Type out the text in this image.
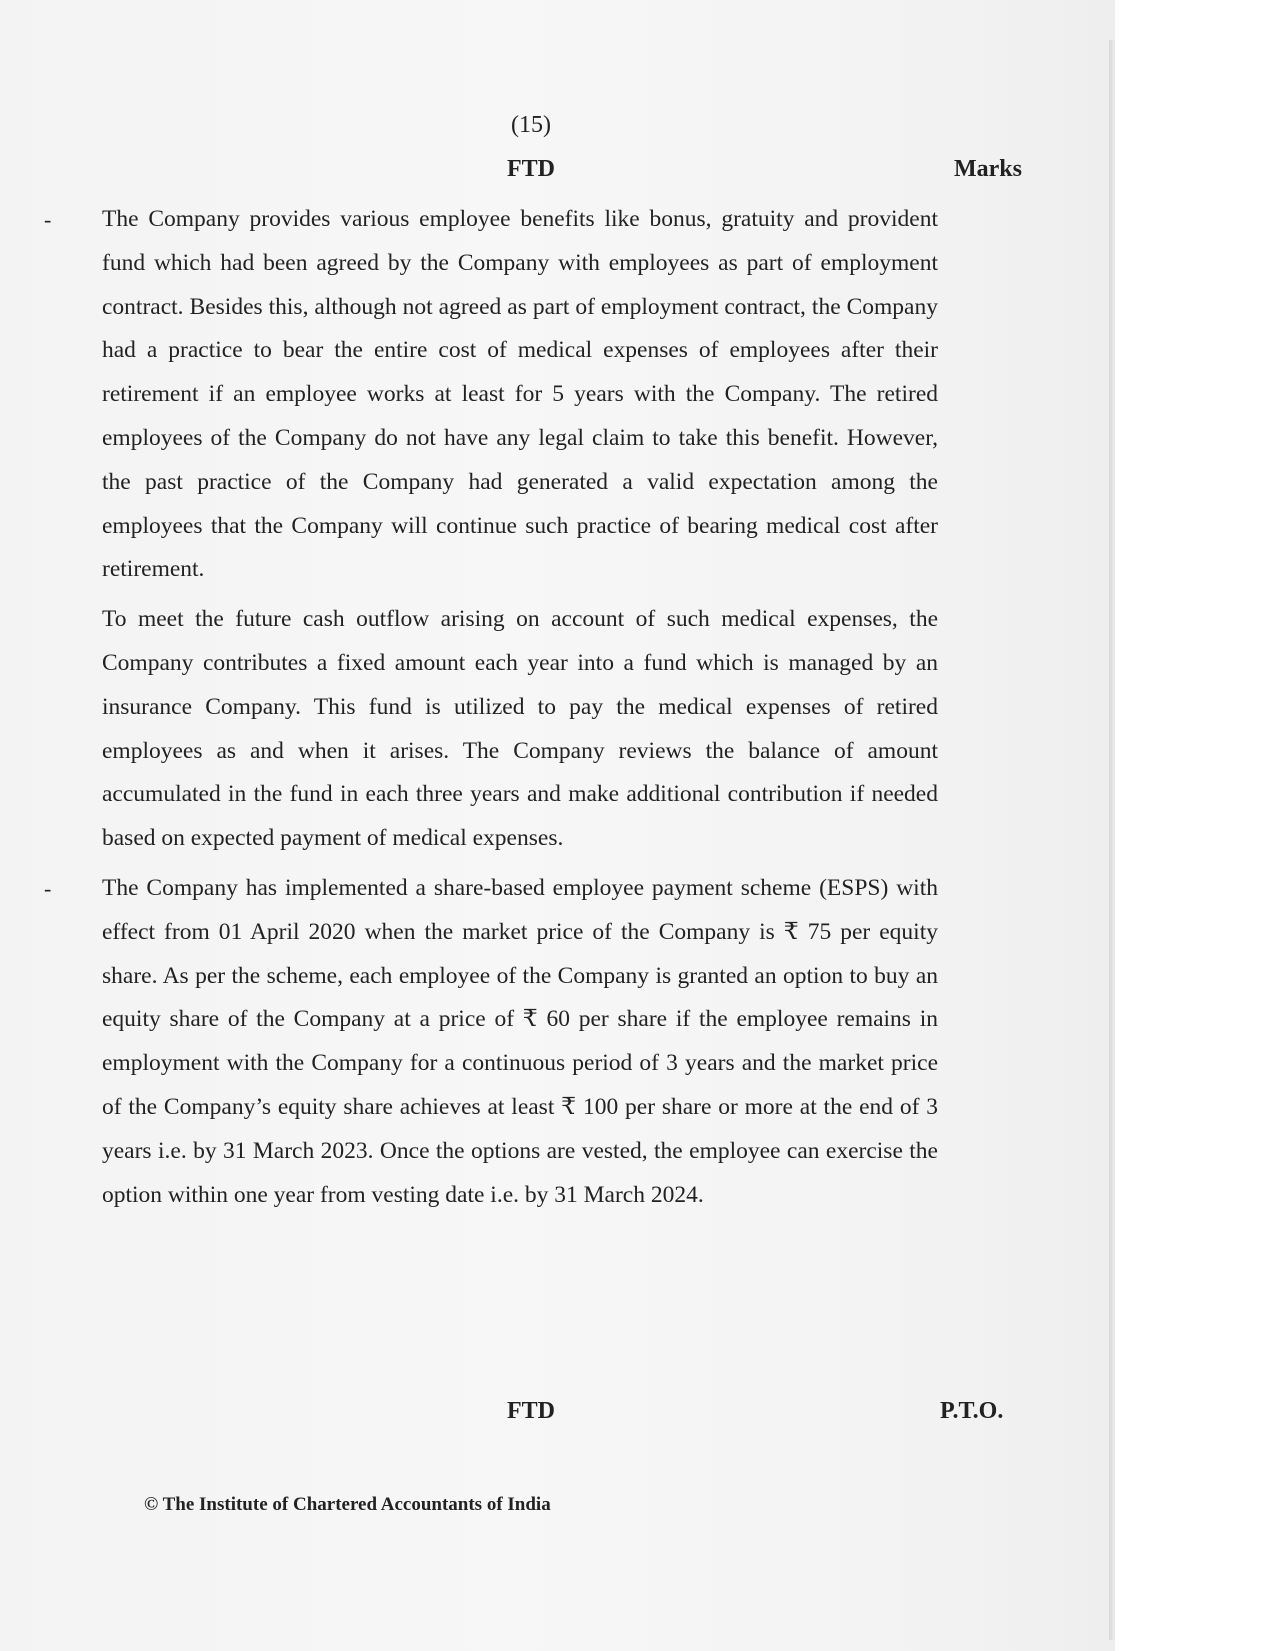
(15)
FTD	Marks

- The Company provides various employee benefits like bonus, gratuity and provident fund which had been agreed by the Company with employees as part of employment contract. Besides this, although not agreed as part of employment contract, the Company had a practice to bear the entire cost of medical expenses of employees after their retirement if an employee works at least for 5 years with the Company. The retired employees of the Company do not have any legal claim to take this benefit. However, the past practice of the Company had generated a valid expectation among the employees that the Company will continue such practice of bearing medical cost after retirement.

To meet the future cash outflow arising on account of such medical expenses, the Company contributes a fixed amount each year into a fund which is managed by an insurance Company. This fund is utilized to pay the medical expenses of retired employees as and when it arises. The Company reviews the balance of amount accumulated in the fund in each three years and make additional contribution if needed based on expected payment of medical expenses.

- The Company has implemented a share-based employee payment scheme (ESPS) with effect from 01 April 2020 when the market price of the Company is ₹ 75 per equity share. As per the scheme, each employee of the Company is granted an option to buy an equity share of the Company at a price of ₹ 60 per share if the employee remains in employment with the Company for a continuous period of 3 years and the market price of the Company’s equity share achieves at least ₹ 100 per share or more at the end of 3 years i.e. by 31 March 2023. Once the options are vested, the employee can exercise the option within one year from vesting date i.e. by 31 March 2024.

FTD	P.T.O.
© The Institute of Chartered Accountants of India
